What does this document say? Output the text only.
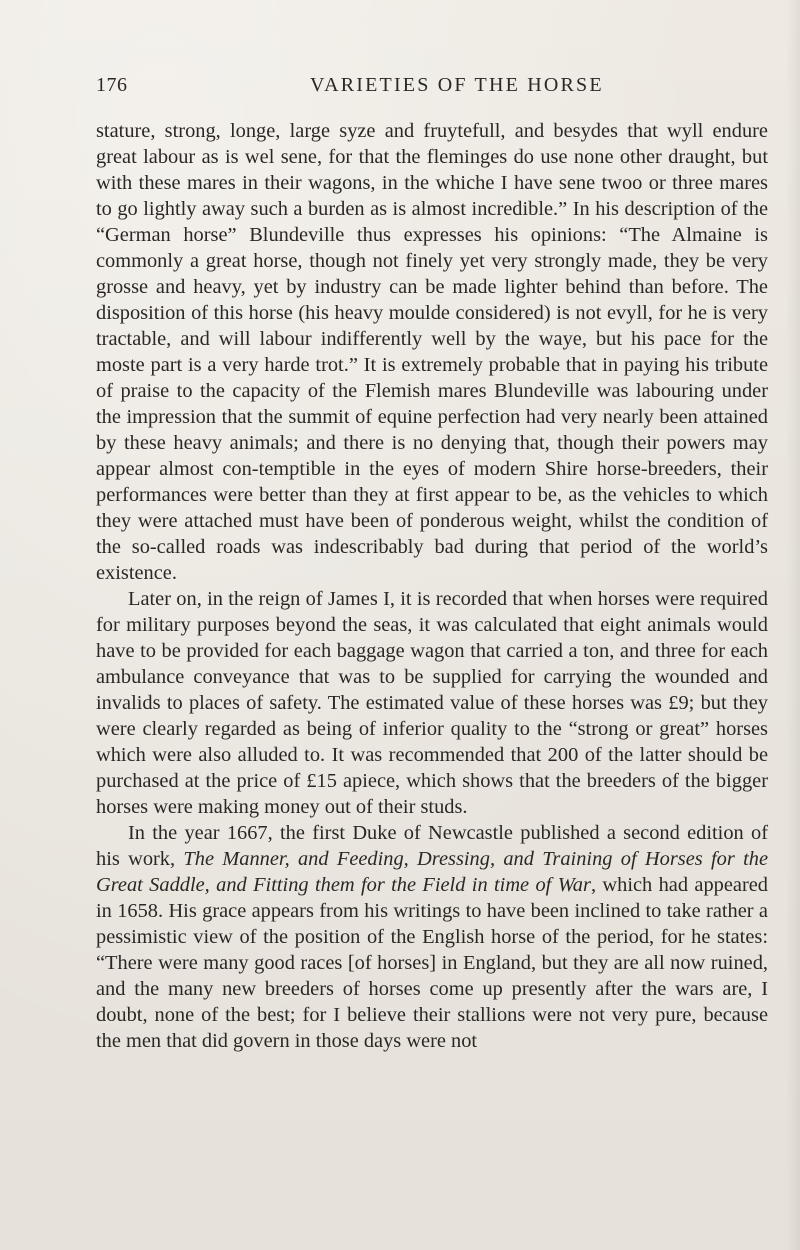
176	VARIETIES OF THE HORSE

stature, strong, longe, large syze and fruytefull, and besydes that wyll endure great labour as is wel sene, for that the fleminges do use none other draught, but with these mares in their wagons, in the whiche I have sene twoo or three mares to go lightly away such a burden as is almost incredible.” In his description of the “German horse” Blundeville thus expresses his opinions: “The Almaine is commonly a great horse, though not finely yet very strongly made, they be very grosse and heavy, yet by industry can be made lighter behind than before. The disposition of this horse (his heavy moulde considered) is not evyll, for he is very tractable, and will labour indifferently well by the waye, but his pace for the moste part is a very harde trot.” It is extremely probable that in paying his tribute of praise to the capacity of the Flemish mares Blundeville was labouring under the impression that the summit of equine perfection had very nearly been attained by these heavy animals; and there is no denying that, though their powers may appear almost con-temptible in the eyes of modern Shire horse-breeders, their performances were better than they at first appear to be, as the vehicles to which they were attached must have been of ponderous weight, whilst the condition of the so-called roads was indescribably bad during that period of the world’s existence.

Later on, in the reign of James I, it is recorded that when horses were required for military purposes beyond the seas, it was calculated that eight animals would have to be provided for each baggage wagon that carried a ton, and three for each ambulance conveyance that was to be supplied for carrying the wounded and invalids to places of safety. The estimated value of these horses was £9; but they were clearly regarded as being of inferior quality to the “strong or great” horses which were also alluded to. It was recommended that 200 of the latter should be purchased at the price of £15 apiece, which shows that the breeders of the bigger horses were making money out of their studs.

In the year 1667, the first Duke of Newcastle published a second edition of his work, The Manner, and Feeding, Dressing, and Training of Horses for the Great Saddle, and Fitting them for the Field in time of War, which had appeared in 1658. His grace appears from his writings to have been inclined to take rather a pessimistic view of the position of the English horse of the period, for he states: “There were many good races [of horses] in England, but they are all now ruined, and the many new breeders of horses come up presently after the wars are, I doubt, none of the best; for I believe their stallions were not very pure, because the men that did govern in those days were not
